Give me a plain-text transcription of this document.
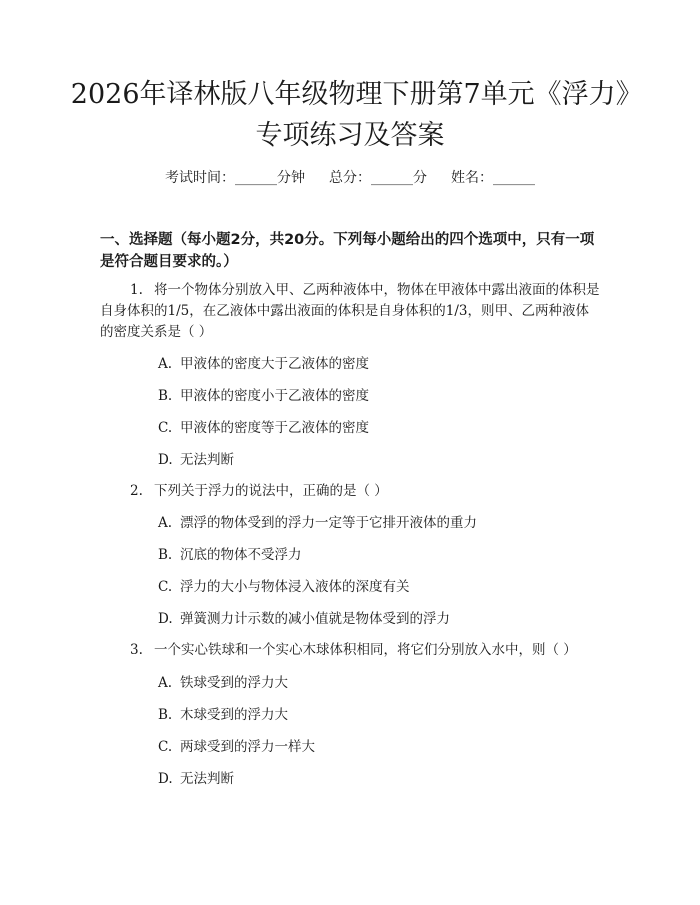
2026年译林版八年级物理下册第7单元《浮力》专项练习及答案
考试时间：______分钟 总分：______分 姓名：______
一、选择题（每小题2分，共20分。下列每小题给出的四个选项中，只有一项是符合题目要求的。）
1. 将一个物体分别放入甲、乙两种液体中，物体在甲液体中露出液面的体积是自身体积的1/5，在乙液体中露出液面的体积是自身体积的1/3，则甲、乙两种液体的密度关系是（ ）
A. 甲液体的密度大于乙液体的密度
B. 甲液体的密度小于乙液体的密度
C. 甲液体的密度等于乙液体的密度
D. 无法判断
2. 下列关于浮力的说法中，正确的是（ ）
A. 漂浮的物体受到的浮力一定等于它排开液体的重力
B. 沉底的物体不受浮力
C. 浮力的大小与物体浸入液体的深度有关
D. 弹簧测力计示数的减小值就是物体受到的浮力
3. 一个实心铁球和一个实心木球体积相同，将它们分别放入水中，则（ ）
A. 铁球受到的浮力大
B. 木球受到的浮力大
C. 两球受到的浮力一样大
D. 无法判断
